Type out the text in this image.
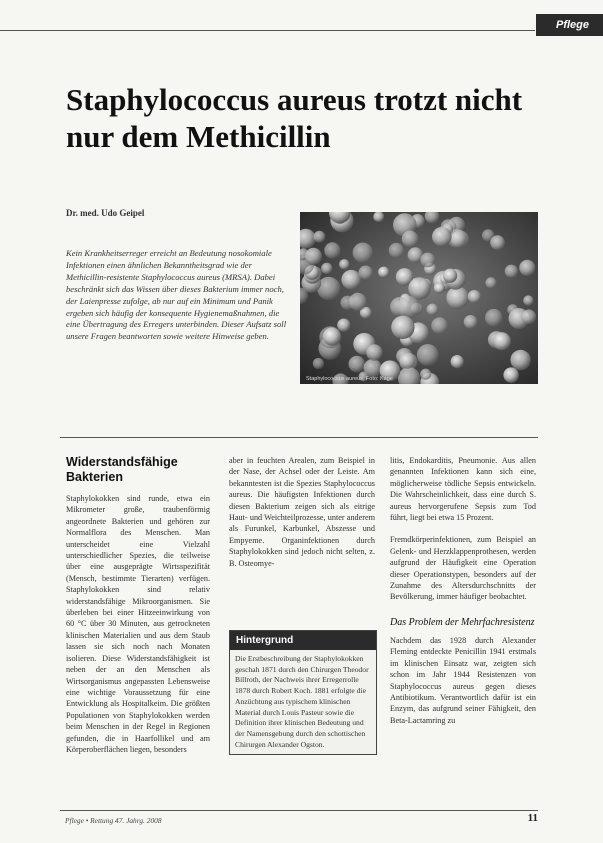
Pflege
Staphylococcus aureus trotzt nicht nur dem Methicillin
Dr. med. Udo Geipel
Kein Krankheitserreger erreicht an Bedeutung nosokomiale Infektionen einen ähnlichen Bekanntheitsgrad wie der Methicillin-resistente Staphylococcus aureus (MRSA). Dabei beschränkt sich das Wissen über dieses Bakterium immer noch, der Laienpresse zufolge, ab nur auf ein Minimum und Panik ergeben sich häufig der konsequente Hygienemaßnahmen, die eine Übertragung des Erregers unterbinden. Dieser Aufsatz soll unsere Fragen beantworten sowie weitere Hinweise geben.
Staphylococcus aureus, Foto: Kage
Widerstandsfähige Bakterien

Staphylokokken sind runde, etwa ein Mikrometer große, traubenförmig angeordnete Bakterien und gehören zur Normalflora des Menschen. Man unterscheidet eine Vielzahl unterschiedlicher Spezies, die teilweise über eine ausgeprägte Wirtsspezifität (Mensch, bestimmte Tierarten) verfügen. Staphylokokken sind relativ widerstandsfähige Mikroorganismen. Sie überleben bei einer Hitzeeinwirkung von 60 °C über 30 Minuten, aus getrockneten klinischen Materialien und aus dem Staub lassen sie sich noch nach Monaten isolieren. Diese Widerstandsfähigkeit ist neben der an den Menschen als Wirtsorganismus angepassten Lebensweise eine wichtige Voraussetzung für eine Entwicklung als Hospitalkeim. Die größten Populationen von Staphylokokken werden beim Menschen in der Regel in Regionen gefunden, die in Haarfollikel und am Körperoberflächen liegen, besonders

aber in feuchten Arealen, zum Beispiel in der Nase, der Achsel oder der Leiste. Am bekanntesten ist die Spezies Staphylococcus aureus. Die häufigsten Infektionen durch diesen Bakterium zeigen sich als eitrige Haut- und Weichteilprozesse, unter anderem als Furunkel, Karbunkel, Abszesse und Empyeme. Organinfektionen durch Staphylokokken sind jedoch nicht selten, z. B. Osteomye-

Hintergrund
Die Erstbeschreibung der Staphylokokken geschah 1871 durch den Chirurgen Theodor Billroth, der Nachweis ihrer Erregerrolle 1878 durch Robert Koch. 1881 erfolgte die Anzüchtung aus typischem klinischen Material durch Louis Pasteur sowie die Definition ihrer klinischen Bedeutung und der Namensgebung durch den schottischen Chirurgen Alexander Ogston.

litis, Endokarditis, Pneumonie. Aus allen genannten Infektionen kann sich eine, möglicherweise tödliche Sepsis entwickeln. Die Wahrscheinlichkeit, dass eine durch S. aureus hervorgerufene Sepsis zum Tod führt, liegt bei etwa 15 Prozent.

Fremdkörperinfektionen, zum Beispiel an Gelenk- und Herzklappenprothesen, werden aufgrund der Häufigkeit eine Operation dieser Operationstypen, besonders auf der Zunahme des Altersdurchschnitts der Bevölkerung, immer häufiger beobachtet.

Das Problem der Mehrfachresistenz

Nachdem das 1928 durch Alexander Fleming entdeckte Penicillin 1941 erstmals im klinischen Einsatz war, zeigten sich schon im Jahr 1944 Resistenzen von Staphylococcus aureus gegen dieses Antibiotikum. Verantwortlich dafür ist ein Enzym, das aufgrund seiner Fähigkeit, den Beta-Lactamring zu

Pflege • Rettung 47. Jahrg. 2008	11
